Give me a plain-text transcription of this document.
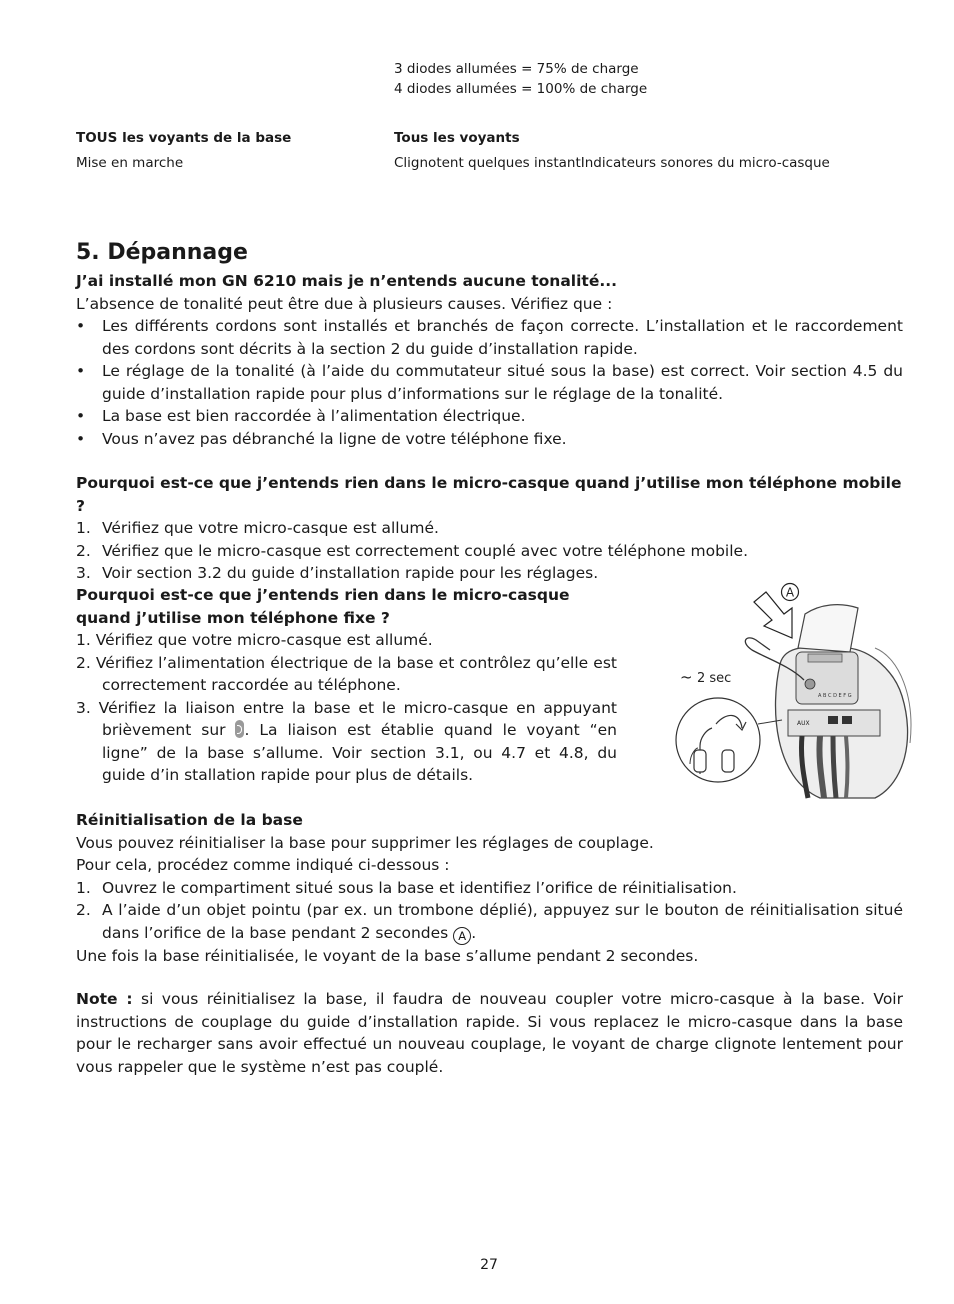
3 diodes allumées = 75% de charge
4 diodes allumées = 100% de charge
TOUS les voyants de la base	Tous les voyants
Mise en marche	Clignotent quelques instantIndicateurs sonores du micro-casque
5. Dépannage
J’ai installé mon GN 6210 mais je n’entends aucune tonalité...
L’absence de tonalité peut être due à plusieurs causes. Vérifiez que :
• Les différents cordons sont installés et branchés de façon correcte. L’installation et le raccordement des cordons sont décrits à la section 2 du guide d’installation rapide.
• Le réglage de la tonalité (à l’aide du commutateur situé sous la base) est correct. Voir section 4.5 du guide d’installation rapide pour plus d’informations sur le réglage de la tonalité.
• La base est bien raccordée à l’alimentation électrique.
• Vous n’avez pas débranché la ligne de votre téléphone fixe.
Pourquoi est-ce que j’entends rien dans le micro-casque quand j’utilise mon téléphone mobile ?
1. Vérifiez que votre micro-casque est allumé.
2. Vérifiez que le micro-casque est correctement couplé avec votre téléphone mobile.
3. Voir section 3.2 du guide d’installation rapide pour les réglages.
Pourquoi est-ce que j’entends rien dans le micro-casque quand j’utilise mon téléphone fixe ?
1. Vérifiez que votre micro-casque est allumé.
2. Vérifiez l’alimentation électrique de la base et contrôlez qu’elle est correctement raccordée au téléphone.
3. Vérifiez la liaison entre la base et le micro-casque en appuyant brièvement sur . La liaison est établie quand le voyant “en ligne” de la base s’allume. Voir section 3.1, ou 4.7 et 4.8, du guide d’in stallation rapide pour plus de détails.
A
~ 2 sec
A B C D E F G
AUX
Réinitialisation de la base
Vous pouvez réinitialiser la base pour supprimer les réglages de couplage.
Pour cela, procédez comme indiqué ci-dessous :
1. Ouvrez le compartiment situé sous la base et identifiez l’orifice de réinitialisation.
2. A l’aide d’un objet pointu (par ex. un trombone déplié), appuyez sur le bouton de réinitialisation situé dans l’orifice de la base pendant 2 secondes A .
Une fois la base réinitialisée, le voyant de la base s’allume pendant 2 secondes.
Note : si vous réinitialisez la base, il faudra de nouveau coupler votre micro-casque à la base. Voir instructions de couplage du guide d’installation rapide. Si vous replacez le micro-casque dans la base pour le recharger sans avoir effectué un nouveau couplage, le voyant de charge clignote lentement pour vous rappeler que le système n’est pas couplé.
27
